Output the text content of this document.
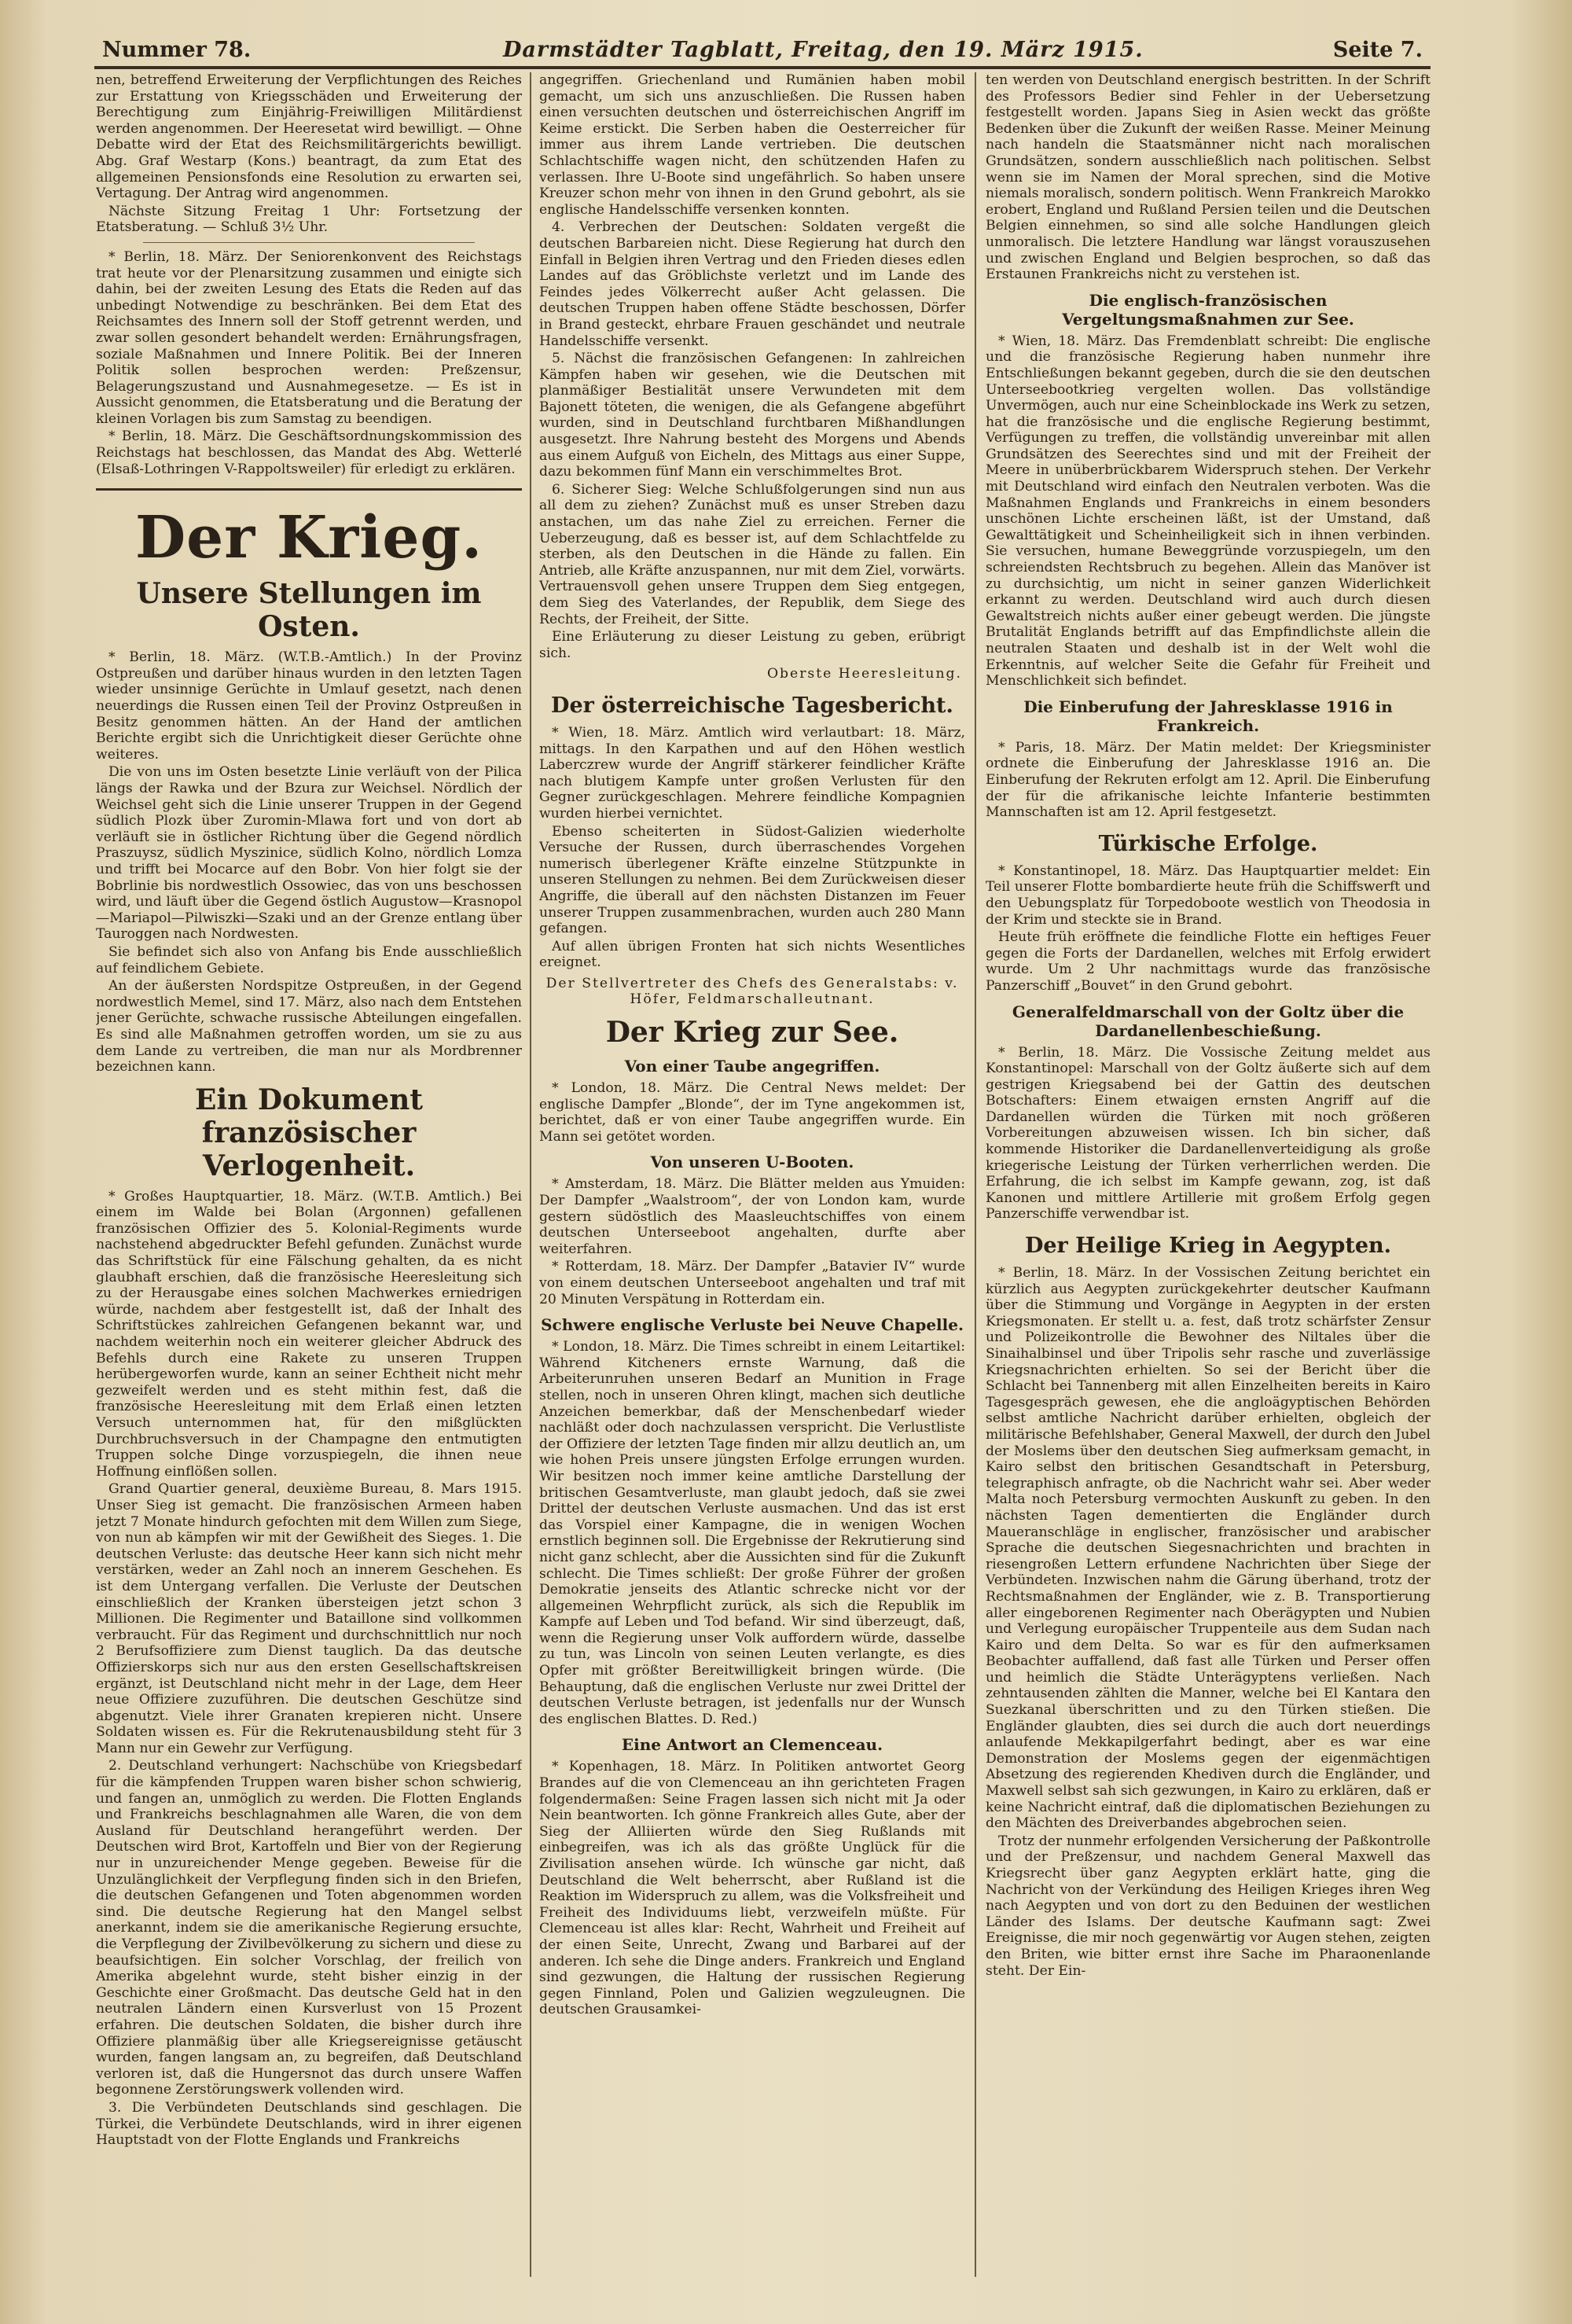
Nummer 78.	Darmstädter Tagblatt, Freitag, den 19. März 1915.	Seite 7.

nen, betreffend Erweiterung der Verpflichtungen des Reiches zur Erstattung von Kriegsschäden und Erweiterung der Berechtigung zum Einjährig-Freiwilligen Militärdienst werden angenommen. Der Heeresetat wird bewilligt. — Ohne Debatte wird der Etat des Reichsmilitärgerichts bewilligt. Abg. Graf Westarp (Kons.) beantragt, da zum Etat des allgemeinen Pensionsfonds eine Resolution zu erwarten sei, Vertagung. Der Antrag wird angenommen.

Nächste Sitzung Freitag 1 Uhr: Fortsetzung der Etatsberatung. — Schluß 3½ Uhr.

* Berlin, 18. März. Der Seniorenkonvent des Reichstags trat heute vor der Plenarsitzung zusammen und einigte sich dahin, bei der zweiten Lesung des Etats die Reden auf das unbedingt Notwendige zu beschränken. Bei dem Etat des Reichsamtes des Innern soll der Stoff getrennt werden, und zwar sollen gesondert behandelt werden: Ernährungsfragen, soziale Maßnahmen und Innere Politik. Bei der Inneren Politik sollen besprochen werden: Preßzensur, Belagerungszustand und Ausnahmegesetze. — Es ist in Aussicht genommen, die Etatsberatung und die Beratung der kleinen Vorlagen bis zum Samstag zu beendigen.

* Berlin, 18. März. Die Geschäftsordnungskommission des Reichstags hat beschlossen, das Mandat des Abg. Wetterlé (Elsaß-Lothringen V-Rappoltsweiler) für erledigt zu erklären.

Der Krieg.
Unsere Stellungen im Osten.

* Berlin, 18. März. (W.T.B.-Amtlich.) In der Provinz Ostpreußen und darüber hinaus wurden in den letzten Tagen wieder unsinnige Gerüchte in Umlauf gesetzt, nach denen neuerdings die Russen einen Teil der Provinz Ostpreußen in Besitz genommen hätten. An der Hand der amtlichen Berichte ergibt sich die Unrichtigkeit dieser Gerüchte ohne weiteres.

Die von uns im Osten besetzte Linie verläuft von der Pilica längs der Rawka und der Bzura zur Weichsel. Nördlich der Weichsel geht sich die Linie unserer Truppen in der Gegend südlich Plozk über Zuromin-Mlawa fort und von dort ab verläuft sie in östlicher Richtung über die Gegend nördlich Praszuysz, südlich Myszinice, südlich Kolno, nördlich Lomza und trifft bei Mocarce auf den Bobr. Von hier folgt sie der Bobrlinie bis nordwestlich Ossowiec, das von uns beschossen wird, und läuft über die Gegend östlich Augustow—Krasnopol—Mariapol—Pilwiszki—Szaki und an der Grenze entlang über Tauroggen nach Nordwesten.

Sie befindet sich also von Anfang bis Ende ausschließlich auf feindlichem Gebiete.

An der äußersten Nordspitze Ostpreußen, in der Gegend nordwestlich Memel, sind 17. März, also nach dem Entstehen jener Gerüchte, schwache russische Abteilungen eingefallen. Es sind alle Maßnahmen getroffen worden, um sie zu aus dem Lande zu vertreiben, die man nur als Mordbrenner bezeichnen kann.

Ein Dokument französischer Verlogenheit.

* Großes Hauptquartier, 18. März. (W.T.B. Amtlich.) Bei einem im Walde bei Bolan (Argonnen) gefallenen französischen Offizier des 5. Kolonial-Regiments wurde nachstehend abgedruckter Befehl gefunden. Zunächst wurde das Schriftstück für eine Fälschung gehalten, da es nicht glaubhaft erschien, daß die französische Heeresleitung sich zu der Herausgabe eines solchen Machwerkes erniedrigen würde, nachdem aber festgestellt ist, daß der Inhalt des Schriftstückes zahlreichen Gefangenen bekannt war, und nachdem weiterhin noch ein weiterer gleicher Abdruck des Befehls durch eine Rakete zu unseren Truppen herübergeworfen wurde, kann an seiner Echtheit nicht mehr gezweifelt werden und es steht mithin fest, daß die französische Heeresleitung mit dem Erlaß einen letzten Versuch unternommen hat, für den mißglückten Durchbruchsversuch in der Champagne den entmutigten Truppen solche Dinge vorzuspiegeln, die ihnen neue Hoffnung einflößen sollen.

Grand Quartier general, deuxième Bureau, 8. Mars 1915. Unser Sieg ist gemacht. Die französischen Armeen haben jetzt 7 Monate hindurch gefochten mit dem Willen zum Siege, von nun ab kämpfen wir mit der Gewißheit des Sieges. 1. Die deutschen Verluste: das deutsche Heer kann sich nicht mehr verstärken, weder an Zahl noch an innerem Geschehen. Es ist dem Untergang verfallen. Die Verluste der Deutschen einschließlich der Kranken übersteigen jetzt schon 3 Millionen. Die Regimenter und Bataillone sind vollkommen verbraucht. Für das Regiment und durchschnittlich nur noch 2 Berufsoffiziere zum Dienst tauglich. Da das deutsche Offizierskorps sich nur aus den ersten Gesellschaftskreisen ergänzt, ist Deutschland nicht mehr in der Lage, dem Heer neue Offiziere zuzuführen. Die deutschen Geschütze sind abgenutzt. Viele ihrer Granaten krepieren nicht. Unsere Soldaten wissen es. Für die Rekrutenausbildung steht für 3 Mann nur ein Gewehr zur Verfügung.

2. Deutschland verhungert: Nachschübe von Kriegsbedarf für die kämpfenden Truppen waren bisher schon schwierig, und fangen an, unmöglich zu werden. Die Flotten Englands und Frankreichs beschlagnahmen alle Waren, die von dem Ausland für Deutschland herangeführt werden. Der Deutschen wird Brot, Kartoffeln und Bier von der Regierung nur in unzureichender Menge gegeben. Beweise für die Unzulänglichkeit der Verpflegung finden sich in den Briefen, die deutschen Gefangenen und Toten abgenommen worden sind. Die deutsche Regierung hat den Mangel selbst anerkannt, indem sie die amerikanische Regierung ersuchte, die Verpflegung der Zivilbevölkerung zu sichern und diese zu beaufsichtigen. Ein solcher Vorschlag, der freilich von Amerika abgelehnt wurde, steht bisher einzig in der Geschichte einer Großmacht. Das deutsche Geld hat in den neutralen Ländern einen Kursverlust von 15 Prozent erfahren. Die deutschen Soldaten, die bisher durch ihre Offiziere planmäßig über alle Kriegsereignisse getäuscht wurden, fangen langsam an, zu begreifen, daß Deutschland verloren ist, daß die Hungersnot das durch unsere Waffen begonnene Zerstörungswerk vollenden wird.

3. Die Verbündeten Deutschlands sind geschlagen. Die Türkei, die Verbündete Deutschlands, wird in ihrer eigenen Hauptstadt von der Flotte Englands und Frankreichs

angegriffen. Griechenland und Rumänien haben mobil gemacht, um sich uns anzuschließen. Die Russen haben einen versuchten deutschen und österreichischen Angriff im Keime erstickt. Die Serben haben die Oesterreicher für immer aus ihrem Lande vertrieben. Die deutschen Schlachtschiffe wagen nicht, den schützenden Hafen zu verlassen. Ihre U-Boote sind ungefährlich. So haben unsere Kreuzer schon mehr von ihnen in den Grund gebohrt, als sie englische Handelsschiffe versenken konnten.

4. Verbrechen der Deutschen: Soldaten vergeßt die deutschen Barbareien nicht. Diese Regierung hat durch den Einfall in Belgien ihren Vertrag und den Frieden dieses edlen Landes auf das Gröblichste verletzt und im Lande des Feindes jedes Völkerrecht außer Acht gelassen. Die deutschen Truppen haben offene Städte beschossen, Dörfer in Brand gesteckt, ehrbare Frauen geschändet und neutrale Handelsschiffe versenkt.

5. Nächst die französischen Gefangenen: In zahlreichen Kämpfen haben wir gesehen, wie die Deutschen mit planmäßiger Bestialität unsere Verwundeten mit dem Bajonett töteten, die wenigen, die als Gefangene abgeführt wurden, sind in Deutschland furchtbaren Mißhandlungen ausgesetzt. Ihre Nahrung besteht des Morgens und Abends aus einem Aufguß von Eicheln, des Mittags aus einer Suppe, dazu bekommen fünf Mann ein verschimmeltes Brot.

6. Sicherer Sieg: Welche Schlußfolgerungen sind nun aus all dem zu ziehen? Zunächst muß es unser Streben dazu anstachen, um das nahe Ziel zu erreichen. Ferner die Ueberzeugung, daß es besser ist, auf dem Schlachtfelde zu sterben, als den Deutschen in die Hände zu fallen. Ein Antrieb, alle Kräfte anzuspannen, nur mit dem Ziel, vorwärts. Vertrauensvoll gehen unsere Truppen dem Sieg entgegen, dem Sieg des Vaterlandes, der Republik, dem Siege des Rechts, der Freiheit, der Sitte.

Eine Erläuterung zu dieser Leistung zu geben, erübrigt sich.

Oberste Heeresleitung.
Der österreichische Tagesbericht.

* Wien, 18. März. Amtlich wird verlautbart: 18. März, mittags. In den Karpathen und auf den Höhen westlich Laberczrew wurde der Angriff stärkerer feindlicher Kräfte nach blutigem Kampfe unter großen Verlusten für den Gegner zurückgeschlagen. Mehrere feindliche Kompagnien wurden hierbei vernichtet.

Ebenso scheiterten in Südost-Galizien wiederholte Versuche der Russen, durch überraschendes Vorgehen numerisch überlegener Kräfte einzelne Stützpunkte in unseren Stellungen zu nehmen. Bei dem Zurückweisen dieser Angriffe, die überall auf den nächsten Distanzen im Feuer unserer Truppen zusammenbrachen, wurden auch 280 Mann gefangen.

Auf allen übrigen Fronten hat sich nichts Wesentliches ereignet.

Der Stellvertreter des Chefs des Generalstabs: v. Höfer, Feldmarschalleutnant.
Der Krieg zur See.
Von einer Taube angegriffen.

* London, 18. März. Die Central News meldet: Der englische Dampfer „Blonde“, der im Tyne angekommen ist, berichtet, daß er von einer Taube angegriffen wurde. Ein Mann sei getötet worden.

Von unseren U-Booten.

* Amsterdam, 18. März. Die Blätter melden aus Ymuiden: Der Dampfer „Waalstroom“, der von London kam, wurde gestern südöstlich des Maasleuchtschiffes von einem deutschen Unterseeboot angehalten, durfte aber weiterfahren.

* Rotterdam, 18. März. Der Dampfer „Batavier IV“ wurde von einem deutschen Unterseeboot angehalten und traf mit 20 Minuten Verspätung in Rotterdam ein.

Schwere englische Verluste bei Neuve Chapelle.

* London, 18. März. Die Times schreibt in einem Leitartikel: Während Kitcheners ernste Warnung, daß die Arbeiterunruhen unseren Bedarf an Munition in Frage stellen, noch in unseren Ohren klingt, machen sich deutliche Anzeichen bemerkbar, daß der Menschenbedarf wieder nachläßt oder doch nachzulassen verspricht. Die Verlustliste der Offiziere der letzten Tage finden mir allzu deutlich an, um wie hohen Preis unsere jüngsten Erfolge errungen wurden. Wir besitzen noch immer keine amtliche Darstellung der britischen Gesamtverluste, man glaubt jedoch, daß sie zwei Drittel der deutschen Verluste ausmachen. Und das ist erst das Vorspiel einer Kampagne, die in wenigen Wochen ernstlich beginnen soll. Die Ergebnisse der Rekrutierung sind nicht ganz schlecht, aber die Aussichten sind für die Zukunft schlecht. Die Times schließt: Der große Führer der großen Demokratie jenseits des Atlantic schrecke nicht vor der allgemeinen Wehrpflicht zurück, als sich die Republik im Kampfe auf Leben und Tod befand. Wir sind überzeugt, daß, wenn die Regierung unser Volk auffordern würde, dasselbe zu tun, was Lincoln von seinen Leuten verlangte, es dies Opfer mit größter Bereitwilligkeit bringen würde. (Die Behauptung, daß die englischen Verluste nur zwei Drittel der deutschen Verluste betragen, ist jedenfalls nur der Wunsch des englischen Blattes. D. Red.)

Eine Antwort an Clemenceau.

* Kopenhagen, 18. März. In Politiken antwortet Georg Brandes auf die von Clemenceau an ihn gerichteten Fragen folgendermaßen: Seine Fragen lassen sich nicht mit Ja oder Nein beantworten. Ich gönne Frankreich alles Gute, aber der Sieg der Alliierten würde den Sieg Rußlands mit einbegreifen, was ich als das größte Unglück für die Zivilisation ansehen würde. Ich wünsche gar nicht, daß Deutschland die Welt beherrscht, aber Rußland ist die Reaktion im Widerspruch zu allem, was die Volksfreiheit und Freiheit des Individuums liebt, verzweifeln müßte. Für Clemenceau ist alles klar: Recht, Wahrheit und Freiheit auf der einen Seite, Unrecht, Zwang und Barbarei auf der anderen. Ich sehe die Dinge anders. Frankreich und England sind gezwungen, die Haltung der russischen Regierung gegen Finnland, Polen und Galizien wegzuleugnen. Die deutschen Grausamkei-

ten werden von Deutschland energisch bestritten. In der Schrift des Professors Bedier sind Fehler in der Uebersetzung festgestellt worden. Japans Sieg in Asien weckt das größte Bedenken über die Zukunft der weißen Rasse. Meiner Meinung nach handeln die Staatsmänner nicht nach moralischen Grundsätzen, sondern ausschließlich nach politischen. Selbst wenn sie im Namen der Moral sprechen, sind die Motive niemals moralisch, sondern politisch. Wenn Frankreich Marokko erobert, England und Rußland Persien teilen und die Deutschen Belgien einnehmen, so sind alle solche Handlungen gleich unmoralisch. Die letztere Handlung war längst vorauszusehen und zwischen England und Belgien besprochen, so daß das Erstaunen Frankreichs nicht zu verstehen ist.

Die englisch-französischen Vergeltungsmaßnahmen zur See.

* Wien, 18. März. Das Fremdenblatt schreibt: Die englische und die französische Regierung haben nunmehr ihre Entschließungen bekannt gegeben, durch die sie den deutschen Unterseebootkrieg vergelten wollen. Das vollständige Unvermögen, auch nur eine Scheinblockade ins Werk zu setzen, hat die französische und die englische Regierung bestimmt, Verfügungen zu treffen, die vollständig unvereinbar mit allen Grundsätzen des Seerechtes sind und mit der Freiheit der Meere in unüberbrückbarem Widerspruch stehen. Der Verkehr mit Deutschland wird einfach den Neutralen verboten. Was die Maßnahmen Englands und Frankreichs in einem besonders unschönen Lichte erscheinen läßt, ist der Umstand, daß Gewalttätigkeit und Scheinheiligkeit sich in ihnen verbinden. Sie versuchen, humane Beweggründe vorzuspiegeln, um den schreiendsten Rechtsbruch zu begehen. Allein das Manöver ist zu durchsichtig, um nicht in seiner ganzen Widerlichkeit erkannt zu werden. Deutschland wird auch durch diesen Gewaltstreich nichts außer einer gebeugt werden. Die jüngste Brutalität Englands betrifft auf das Empfindlichste allein die neutralen Staaten und deshalb ist in der Welt wohl die Erkenntnis, auf welcher Seite die Gefahr für Freiheit und Menschlichkeit sich befindet.

Die Einberufung der Jahresklasse 1916 in Frankreich.

* Paris, 18. März. Der Matin meldet: Der Kriegsminister ordnete die Einberufung der Jahresklasse 1916 an. Die Einberufung der Rekruten erfolgt am 12. April. Die Einberufung der für die afrikanische leichte Infanterie bestimmten Mannschaften ist am 12. April festgesetzt.

Türkische Erfolge.

* Konstantinopel, 18. März. Das Hauptquartier meldet: Ein Teil unserer Flotte bombardierte heute früh die Schiffswerft und den Uebungsplatz für Torpedoboote westlich von Theodosia in der Krim und steckte sie in Brand.

Heute früh eröffnete die feindliche Flotte ein heftiges Feuer gegen die Forts der Dardanellen, welches mit Erfolg erwidert wurde. Um 2 Uhr nachmittags wurde das französische Panzerschiff „Bouvet“ in den Grund gebohrt.

Generalfeldmarschall von der Goltz über die Dardanellenbeschießung.

* Berlin, 18. März. Die Vossische Zeitung meldet aus Konstantinopel: Marschall von der Goltz äußerte sich auf dem gestrigen Kriegsabend bei der Gattin des deutschen Botschafters: Einem etwaigen ernsten Angriff auf die Dardanellen würden die Türken mit noch größeren Vorbereitungen abzuweisen wissen. Ich bin sicher, daß kommende Historiker die Dardanellenverteidigung als große kriegerische Leistung der Türken verherrlichen werden. Die Erfahrung, die ich selbst im Kampfe gewann, zog, ist daß Kanonen und mittlere Artillerie mit großem Erfolg gegen Panzerschiffe verwendbar ist.

Der Heilige Krieg in Aegypten.

* Berlin, 18. März. In der Vossischen Zeitung berichtet ein kürzlich aus Aegypten zurückgekehrter deutscher Kaufmann über die Stimmung und Vorgänge in Aegypten in der ersten Kriegsmonaten. Er stellt u. a. fest, daß trotz schärfster Zensur und Polizeikontrolle die Bewohner des Niltales über die Sinaihalbinsel und über Tripolis sehr rasche und zuverlässige Kriegsnachrichten erhielten. So sei der Bericht über die Schlacht bei Tannenberg mit allen Einzelheiten bereits in Kairo Tagesgespräch gewesen, ehe die angloägyptischen Behörden selbst amtliche Nachricht darüber erhielten, obgleich der militärische Befehlshaber, General Maxwell, der durch den Jubel der Moslems über den deutschen Sieg aufmerksam gemacht, in Kairo selbst den britischen Gesandtschaft in Petersburg, telegraphisch anfragte, ob die Nachricht wahr sei. Aber weder Malta noch Petersburg vermochten Auskunft zu geben. In den nächsten Tagen dementierten die Engländer durch Maueranschläge in englischer, französischer und arabischer Sprache die deutschen Siegesnachrichten und brachten in riesengroßen Lettern erfundene Nachrichten über Siege der Verbündeten. Inzwischen nahm die Gärung überhand, trotz der Rechtsmaßnahmen der Engländer, wie z. B. Transportierung aller eingeborenen Regimenter nach Oberägypten und Nubien und Verlegung europäischer Truppenteile aus dem Sudan nach Kairo und dem Delta. So war es für den aufmerksamen Beobachter auffallend, daß fast alle Türken und Perser offen und heimlich die Städte Unterägyptens verließen. Nach zehntausenden zählten die Manner, welche bei El Kantara den Suezkanal überschritten und zu den Türken stießen. Die Engländer glaubten, dies sei durch die auch dort neuerdings anlaufende Mekkapilgerfahrt bedingt, aber es war eine Demonstration der Moslems gegen der eigenmächtigen Absetzung des regierenden Khediven durch die Engländer, und Maxwell selbst sah sich gezwungen, in Kairo zu erklären, daß er keine Nachricht eintraf, daß die diplomatischen Beziehungen zu den Mächten des Dreiverbandes abgebrochen seien.

Trotz der nunmehr erfolgenden Versicherung der Paßkontrolle und der Preßzensur, und nachdem General Maxwell das Kriegsrecht über ganz Aegypten erklärt hatte, ging die Nachricht von der Verkündung des Heiligen Krieges ihren Weg nach Aegypten und von dort zu den Beduinen der westlichen Länder des Islams. Der deutsche Kaufmann sagt: Zwei Ereignisse, die mir noch gegenwärtig vor Augen stehen, zeigten den Briten, wie bitter ernst ihre Sache im Pharaonenlande steht. Der Ein-
